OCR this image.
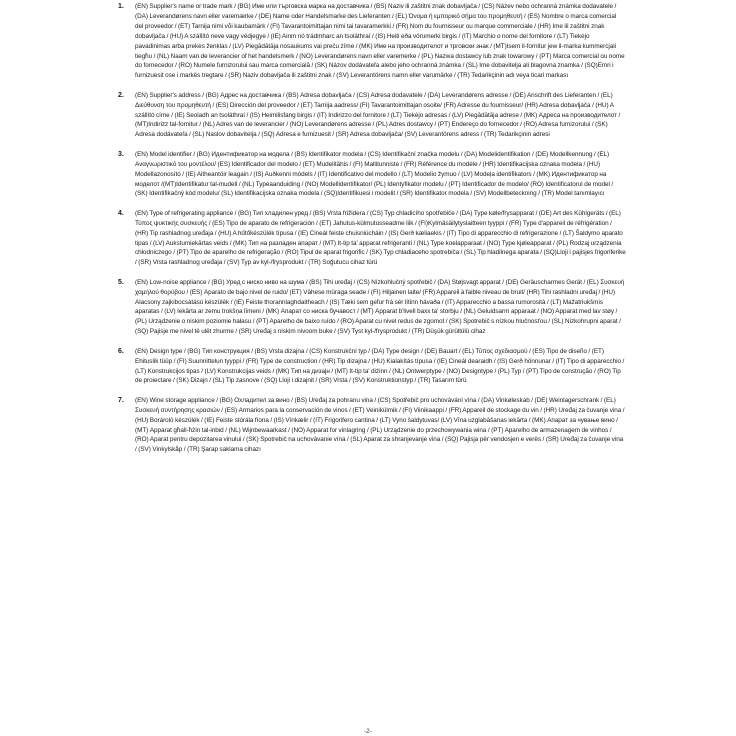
1. (EN) Supplier's name or trade mark / (BG) Име или търговска марка на доставчика / (BS) Naziv ili zaštitni znak dobavljača / (CS) Název nebo ochranná známka dodavatele / (DA) Leverandørens navn eller varemærke / (DE) Name oder Handelsmarke des Lieferanten / (EL) Όνομα ή εμπορικό σήμα του προμηθευτή / (ES) Nombre o marca comercial del proveedor / (ET) Tarnija nimi või kaubamärk / (FI) Tavarantoimittajan nimi tai tavaramerkki / (FR) Nom du fournisseur ou marque commerciale / (HR) Ime ili zaštitni znak dobavljača / (HU) A szállító neve vagy védjegye / (IE) Ainm nó trádmharc an tsoláthraí / (IS) Heiti eða vörumerki birgis / (IT) Marchio o nome del fornitore / (LT) Tiekėjo pavadinimas arba prekės ženklas / (LV) Piegādātāja nosaukums vai preču zīme / (MK) Име на производителот и трговски знак / (MT)Isem il-fornitur jew il-marka kummerċjali tiegħu / (NL) Naam van de leverancier of het handelsmerk / (NO) Leverandørens navn eller varemerke / (PL) Nazwa dostawcy lub znak towarowy / (PT) Marca comercial ou nome do fornecedor / (RO) Numele furnizorului sau marca comercială / (SK) Názov dodávateľa alebo jeho ochranná známka / (SL) Ime dobavitelja ali blagovna znamka / (SQ)Emri i furnizuesit ose i markës tregtare / (SR) Naziv dobavljača ili zaštitni znak / (SV) Leverantörens namn eller varumärke / (TR) Tedarikçinin adı veya ticari markası
2. (EN) Supplier's address / (BG) Адрес на доставчика / (BS) Adresa dobavljača / (CS) Adresa dodavatele / (DA) Leverandørens adresse / (DE) Anschrift des Lieferanten / (EL) Διεύθυνση του προμηθευτή / (ES) Dirección del proveedor / (ET) Tarnija aadress/ (FI) Tavarantoimittajan osoite/ (FR) Adresse du fournisseur/ (HR) Adresa dobavljača / (HU) A szállító címe / (IE) Seoladh an tsoláthraí / (IS) Heimilisfang birgis / (IT) Indirizzo del fornitore / (LT) Tiekėjo adresas / (LV) Piegādātāja adrese / (MK) Адреса на производителот / (MT)Indirizz tal-fornitur / (NL) Adres van de leverancier / (NO) Leverandørens adresse / (PL) Adres dostawcy / (PT) Endereço do fornecedor / (RO) Adresa furnizorului / (SK) Adresa dodávateľa / (SL) Naslov dobavitelja / (SQ) Adresa e furnizuesit / (SR) Adresa dobavljača/ (SV) Leverantörens adress / (TR) Tedarikçinin adresi
3. (EN) Model identifier / (BG) Идентификатор на модела / (BS) Identifikator modela / (CS) Identifikační značka modelu / (DA) Modelidentifikation / (DE) Modellkennung / (EL) Αναγνωριστικό του μοντέλου/ (ES) Identificador del modelo / (ET) Mudelitähis / (FI) Mallitunniste / (FR) Référence du modèle / (HR) Identifikacijska oznaka modela / (HU) Modellazonosító / (IE) Aitheantóir leagain / (IS) Auðkenni módels / (IT) Identificativo del modello / (LT) Modelio žymuo / (LV) Modeļa identifikators / (MK) Идентификатор на моделот /(MT)Identifikatur tal-mudell / (NL) Typeaanduiding / (NO) Modellidentifikator/ (PL) Identyfikator modelu / (PT) Identificador de modelo/ (RO) Identificatorul de model / (SK) Identifikačný kód modelu/ (SL) Identifikacijska oznaka modela / (SQ)Identifikuesi i modelit / (SR) Identifikator modela / (SV) Modellbeteckning / (TR) Model tanımlayıcı
4. (EN) Type of refrigerating appliance / (BG) Тип хладилен уред / (BS) Vrsta frižidera / (CS) Typ chladicího spotřebiče / (DA) Type køle/frysapparat / (DE) Art des Kühlgeräts / (EL) Τύπος ψυκτικής συσκευής / (ES) Tipo de aparato de refrigeración / (ET) Jahutus-külmutusseadme liik / (FI)Kylmäsäilytyslaitteen tyyppi / (FR) Type d'appareil de réfrigération / (HR) Tip rashladnog uređaja / (HU) A hűtőkészülék típusa / (IE) Cineál feiste chuisniúcháin / (IS) Gerð kæliaekis / (IT) Tipo di apparecchio di refrigerazione / (LT) Šaldymo aparato tipas / (LV) Aukstumiekārtas veids / (MK) Тип на разладен апарат / (MT) It-tip ta' apparat refriġeranti / (NL) Type koelapparaat / (NO) Type kjøleapparat / (PL) Rodzaj urządzenia chłodniczego / (PT) Tipo de aparelho de refrigeração / (RO) Tipul de aparat frigorific / (SK) Typ chladiaceho spotrebiča / (SL) Tip hladilnega aparata / (SQ)Lloji i pajisjes frigoriferike / (SR) Vrsta rashladnog uređaja / (SV) Typ av kyl-/frysprodukt / (TR) Soğutucu cihaz türü
5. (EN) Low-noise appliance / (BG) Уред с ниско ниво на шума / (BS) Tihi uređaj / (CS) Nízkohlučný spotřebič / (DA) Støjsvagt apparat / (DE) Geräuscharmes Gerät / (EL) Συσκευή χαμηλού θορύβου / (ES) Aparato de bajo nivel de ruido/ (ET) Vähese müraga seade / (FI) Hiljainen laite/ (FR) Appareil à faible niveau de bruit/ (HR) Tihi rashladni uređaj / (HU) Alacsony zajkibocsátású készülék / (IE) Feiste thorannlaghdaitheach / (IS) Tæki sem gefur frá sér lítinn hávaða / (IT) Apparecchio a bassa rumorosità / (LT) Mažatriukšmis aparatas / (LV) Iekārta ar zemu trokšņa līmeni / (MK) Апарат со ниска бучавост / (MT) Apparat b'livell baxx ta' storbju / (NL) Geluidsarm apparaat / (NO) Apparat med lav støy / (PL) Urządzenie o niskim poziomie hałasu / (PT) Aparelho de baixo ruído / (RO) Aparat cu nivel redus de zgomot / (SK) Spotrebič s nízkou hlučnosťou / (SL) Nizkohrupni aparat / (SQ) Pajisje me nivel të ulët zhurme / (SR) Uređaj s niskim nivoom buke / (SV) Tyst kyl-/frysprodukt / (TR) Düşük gürültülü cihaz
6. (EN) Design type / (BG) Тип конструкция / (BS) Vrsta dizajna / (CS) Konstrukční typ / (DA) Type design / (DE) Bauart / (EL) Τύπος σχεδιασμού / (ES) Tipo de diseño / (ET) Ehituslik tüüp / (FI) Suunnittelun tyyppi / (FR) Type de construction / (HR) Tip dizajna / (HU) Kialakítás típusa / (IE) Cineál dearaidh / (IS) Gerð hönnunar / (IT) Tipo di apparecchio / (LT) Konstrukcijos tipas / (LV) Konstrukcijas veids / (MK) Тип на дизајн / (MT) It-tip ta' diżinn / (NL) Ontwerptype / (NO) Designtype / (PL) Typ / (PT) Tipo de construção / (RO) Tip de proiectare / (SK) Dizajn / (SL) Tip zasnove / (SQ) Lloji i dizajnit / (SR) Vrsta / (SV) Konstruktionstyp / (TR) Tasarım türü
7. (EN) Wine storage appliance / (BG) Охладител за вино / (BS) Uređaj za pohranu vina / (CS) Spotřebič pro uchovávání vína / (DA) Vinkøleskab / (DE) Weinlagerschrank / (EL) Συσκευή συντήρησης κρασιών / (ES) Armarios para la conservación de vinos / (ET) Veinikülmik / (FI) Viinikaappi / (FR) Appareil de stockage du vin / (HR) Uređaj za čuvanje vina / (HU) Borárolό készülék / (IE) Feiste stórála fíona / (IS) Vínkælir / (IT) Frigorifero cantina / (LT) Vyno šaldytuvas/ (LV) Vīna uzglabāšanas iekārta / (MK) Апарат за чување вино / (MT) Apparat għall-ħżin tal-inbid / (NL) Wijnbewaarkast / (NO) Apparat for vinlagring / (PL) Urządzenie do przechowywania wina / (PT) Aparelho de armazenagem de vinhos / (RO) Aparat pentru depozitarea vinului / (SK) Spotrebič na uchovávanie vína / (SL) Aparat za shranjevanje vina / (SQ) Pajisja për vendosjen e verës / (SR) Uređaj za čuvanje vina / (SV) Vinkylskåp / (TR) Şarap saklama cihazı
-2-
